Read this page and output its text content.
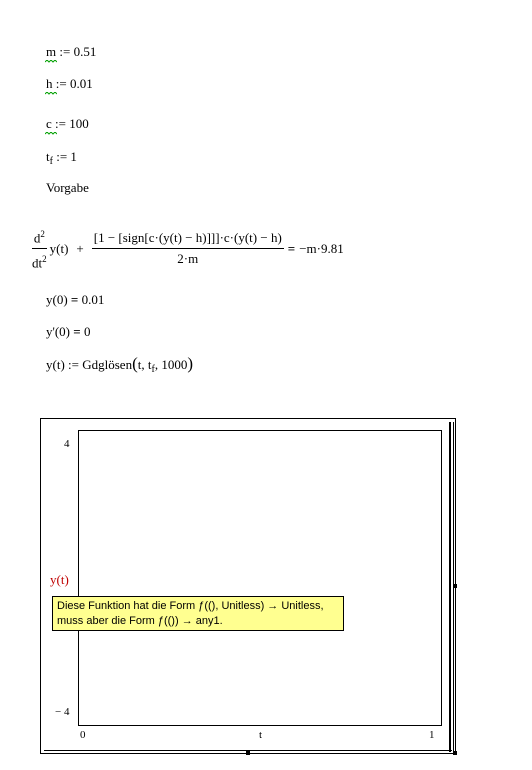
m := 0.51
h := 0.01
c := 100
$t_f$ := 1
Vorgabe
$\frac{d^2}{dt^2} y(t) + \frac{\text{[1 − [sign[c·(y(t) − h)]]]·c·(y(t) − h)}}{2\cdot m} = -m\cdot 9.81$
y(0) = 0.01
y'(0) = 0
y(t) := Gdglösen(t, $t_f$, 1000)
4
− 4
y(t)
0	t	1
Diese Funktion hat die Form ƒ((), Unitless) → Unitless,
muss aber die Form ƒ(()) → any1.
